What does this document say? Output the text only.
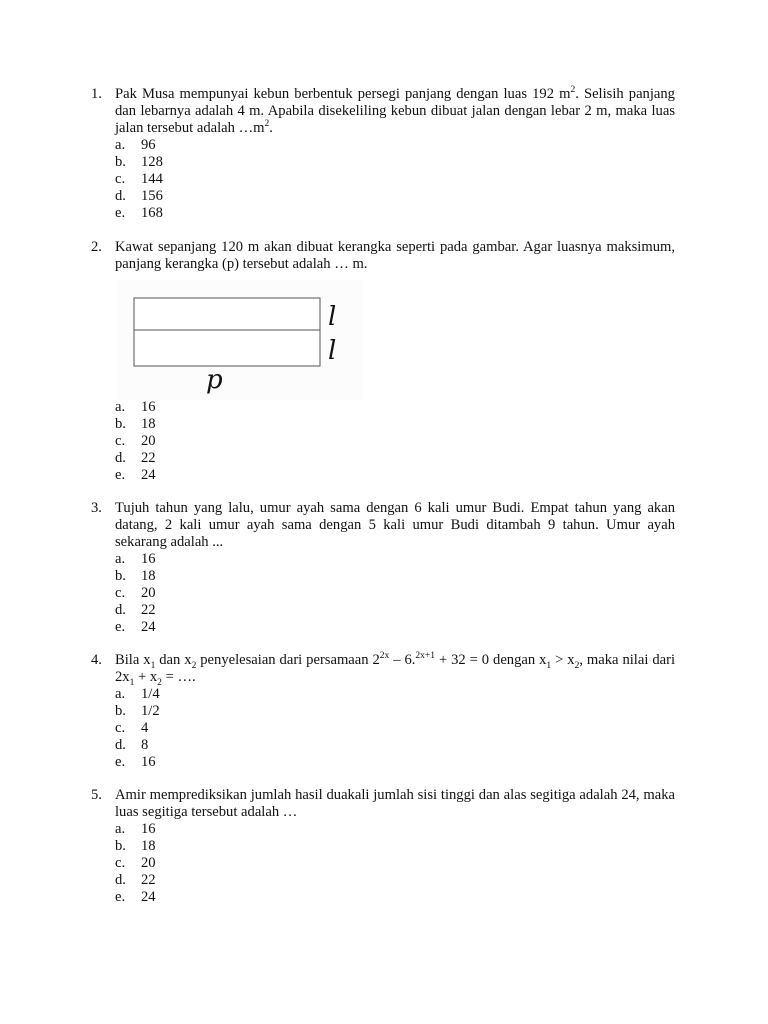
1. Pak Musa mempunyai kebun berbentuk persegi panjang dengan luas 192 $m^2$. Selisih panjang dan lebarnya adalah 4 m. Apabila disekeliling kebun dibuat jalan dengan lebar 2 m, maka luas jalan tersebut adalah $\dots m^2$.
a. 96
b. 128
c. 144
d. 156
e. 168
2. Kawat sepanjang 120 m akan dibuat kerangka seperti pada gambar. Agar luasnya maksimum, panjang kerangka (p) tersebut adalah … m.
l
l
p
a. 16
b. 18
c. 20
d. 22
e. 24
3. Tujuh tahun yang lalu, umur ayah sama dengan 6 kali umur Budi. Empat tahun yang akan datang, 2 kali umur ayah sama dengan 5 kali umur Budi ditambah 9 tahun. Umur ayah sekarang adalah ...
a. 16
b. 18
c. 20
d. 22
e. 24
4. Bila $x_1$ dan $x_2$ penyelesaian dari persamaan $2^{2x} - 6.^{2x+1} + 32 = 0$ dengan $x_1 > x_2$, maka nilai dari $2x_1 + x_2$ = ….
a. 1/4
b. 1/2
c. 4
d. 8
e. 16
5. Amir memprediksikan jumlah hasil duakali jumlah sisi tinggi dan alas segitiga adalah 24, maka luas segitiga tersebut adalah …
a. 16
b. 18
c. 20
d. 22
e. 24
